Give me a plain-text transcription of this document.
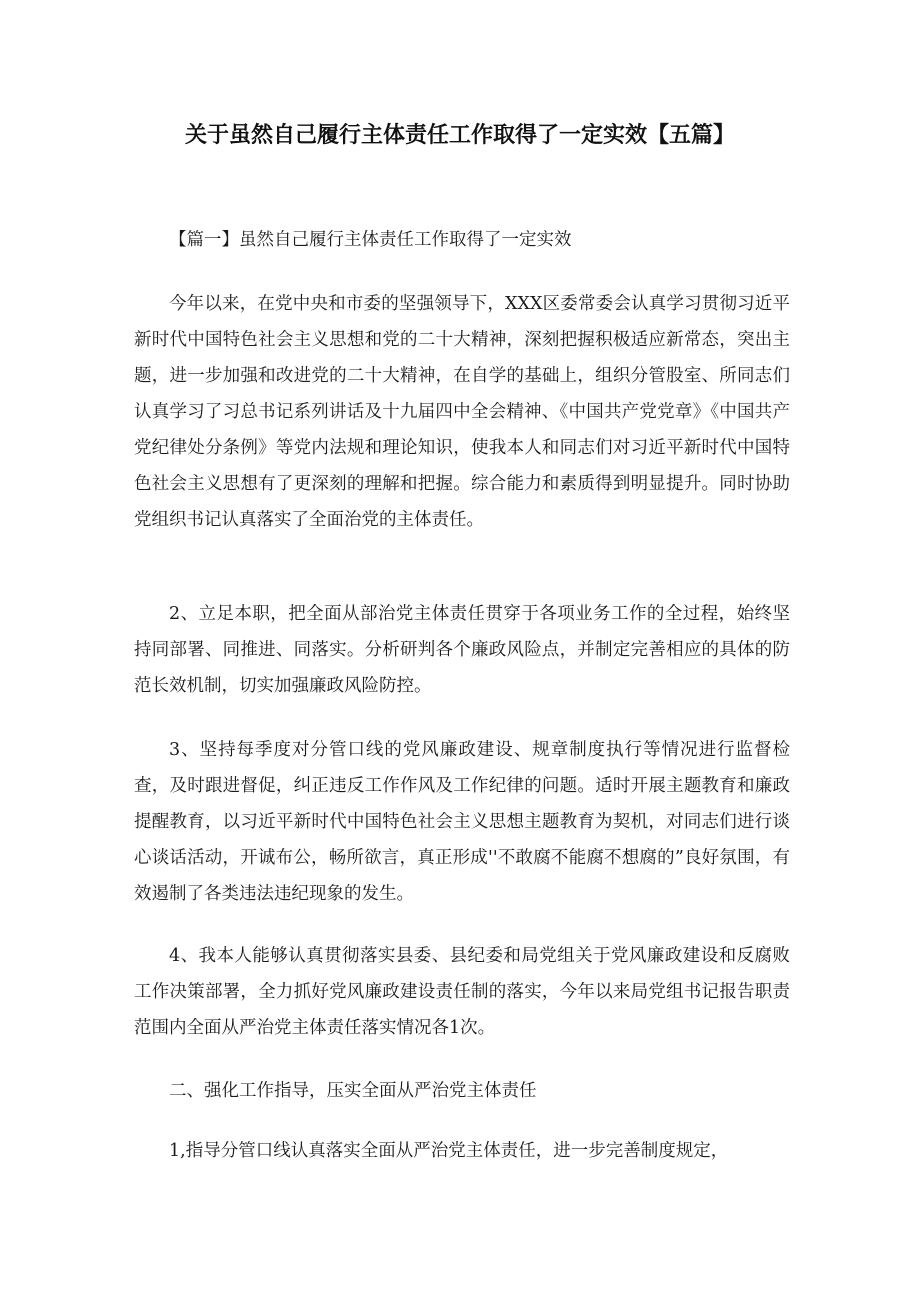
关于虽然自己履行主体责任工作取得了一定实效【五篇】

【篇一】虽然自己履行主体责任工作取得了一定实效

今年以来，在党中央和市委的坚强领导下，XXX区委常委会认真学习贯彻习近平新时代中国特色社会主义思想和党的二十大精神，深刻把握积极适应新常态，突出主题，进一步加强和改进党的二十大精神，在自学的基础上，组织分管股室、所同志们认真学习了习总书记系列讲话及十九届四中全会精神、《中国共产党党章》《中国共产党纪律处分条例》等党内法规和理论知识，使我本人和同志们对习近平新时代中国特色社会主义思想有了更深刻的理解和把握。综合能力和素质得到明显提升。同时协助党组织书记认真落实了全面治党的主体责任。

2、立足本职，把全面从部治党主体责任贯穿于各项业务工作的全过程，始终坚持同部署、同推进、同落实。分析研判各个廉政风险点，并制定完善相应的具体的防范长效机制，切实加强廉政风险防控。

3、坚持每季度对分管口线的党风廉政建设、规章制度执行等情况进行监督检查，及时跟进督促，纠正违反工作作风及工作纪律的问题。适时开展主题教育和廉政提醒教育，以习近平新时代中国特色社会主义思想主题教育为契机，对同志们进行谈心谈话活动，开诚布公，畅所欲言，真正形成''不敢腐不能腐不想腐的”良好氛围，有效遏制了各类违法违纪现象的发生。

4、我本人能够认真贯彻落实县委、县纪委和局党组关于党风廉政建设和反腐败工作决策部署，全力抓好党风廉政建设责任制的落实，今年以来局党组书记报告职责范围内全面从严治党主体责任落实情况各1次。

二、强化工作指导，压实全面从严治党主体责任

1,指导分管口线认真落实全面从严治党主体责任，进一步完善制度规定，
